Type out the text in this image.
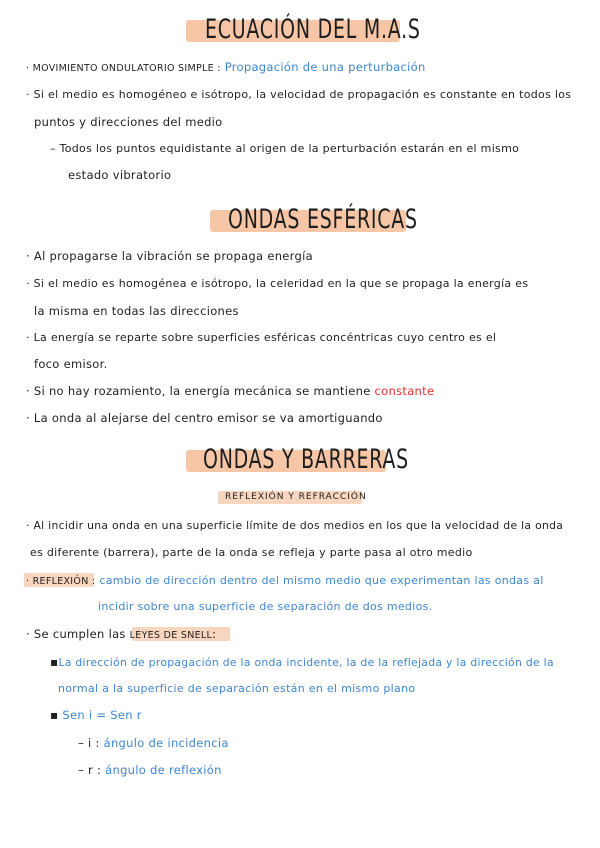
ECUACIÓN DEL M.A.S
· MOVIMIENTO ONDULATORIO SIMPLE : Propagación de una perturbación
· Si el medio es homogéneo e isótropo, la velocidad de propagación es constante en todos los
puntos y direcciones del medio
– Todos los puntos equidistante al origen de la perturbación estarán en el mismo
estado vibratorio
ONDAS ESFÉRICAS
· Al propagarse la vibración se propaga energía
· Si el medio es homogénea e isótropo, la celeridad en la que se propaga la energía es
la misma en todas las direcciones
· La energía se reparte sobre superficies esféricas concéntricas cuyo centro es el
foco emisor.
· Si no hay rozamiento, la energía mecánica se mantiene constante
· La onda al alejarse del centro emisor se va amortiguando
ONDAS Y BARRERAS
REFLEXIÓN Y REFRACCIÓN
· Al incidir una onda en una superficie límite de dos medios en los que la velocidad de la onda
es diferente (barrera), parte de la onda se refleja y parte pasa al otro medio
· REFLEXIÓN : cambio de dirección dentro del mismo medio que experimentan las ondas al
incidir sobre una superficie de separación de dos medios.
· Se cumplen las LEYES DE SNELL:
▪La dirección de propagación de la onda incidente, la de la reflejada y la dirección de la
normal a la superficie de separación están en el mismo plano
▪ Sen i = Sen r
– i : ángulo de incidencia
– r : ángulo de reflexión
